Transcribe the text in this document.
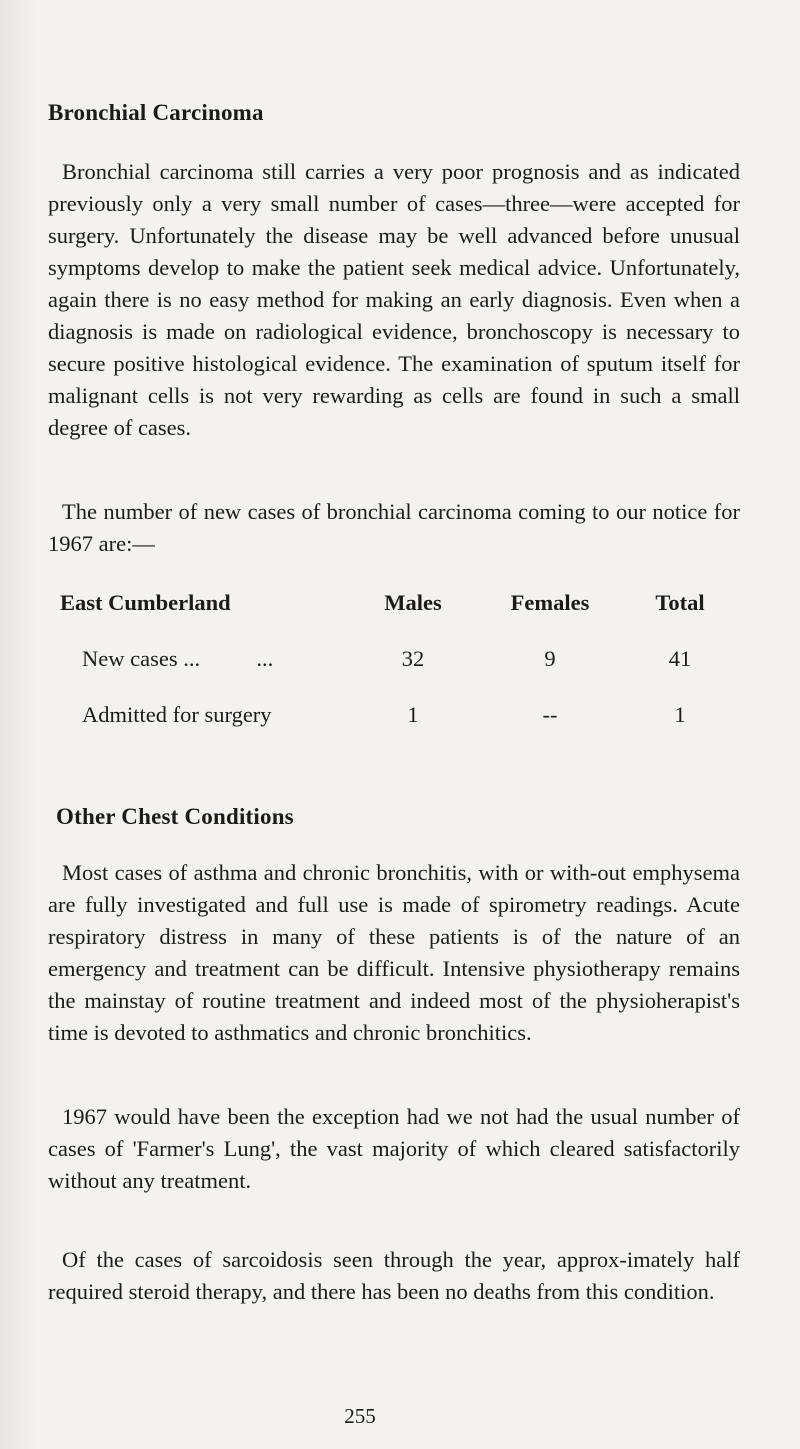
Bronchial Carcinoma

Bronchial carcinoma still carries a very poor prognosis and as indicated previously only a very small number of cases—three—were accepted for surgery. Unfortunately the disease may be well advanced before unusual symptoms develop to make the patient seek medical advice. Unfortunately, again there is no easy method for making an early diagnosis. Even when a diagnosis is made on radiological evidence, bronchoscopy is necessary to secure positive histological evidence. The examination of sputum itself for malignant cells is not very rewarding as cells are found in such a small degree of cases.

The number of new cases of bronchial carcinoma coming to our notice for 1967 are:—

East Cumberland	Males	Females	Total
New cases ...          ...	32	9	41
Admitted for surgery	1	--	1
Other Chest Conditions

Most cases of asthma and chronic bronchitis, with or with-out emphysema are fully investigated and full use is made of spirometry readings. Acute respiratory distress in many of these patients is of the nature of an emergency and treatment can be difficult. Intensive physiotherapy remains the mainstay of routine treatment and indeed most of the physioherapist's time is devoted to asthmatics and chronic bronchitics.

1967 would have been the exception had we not had the usual number of cases of 'Farmer's Lung', the vast majority of which cleared satisfactorily without any treatment.

Of the cases of sarcoidosis seen through the year, approx-imately half required steroid therapy, and there has been no deaths from this condition.

255
